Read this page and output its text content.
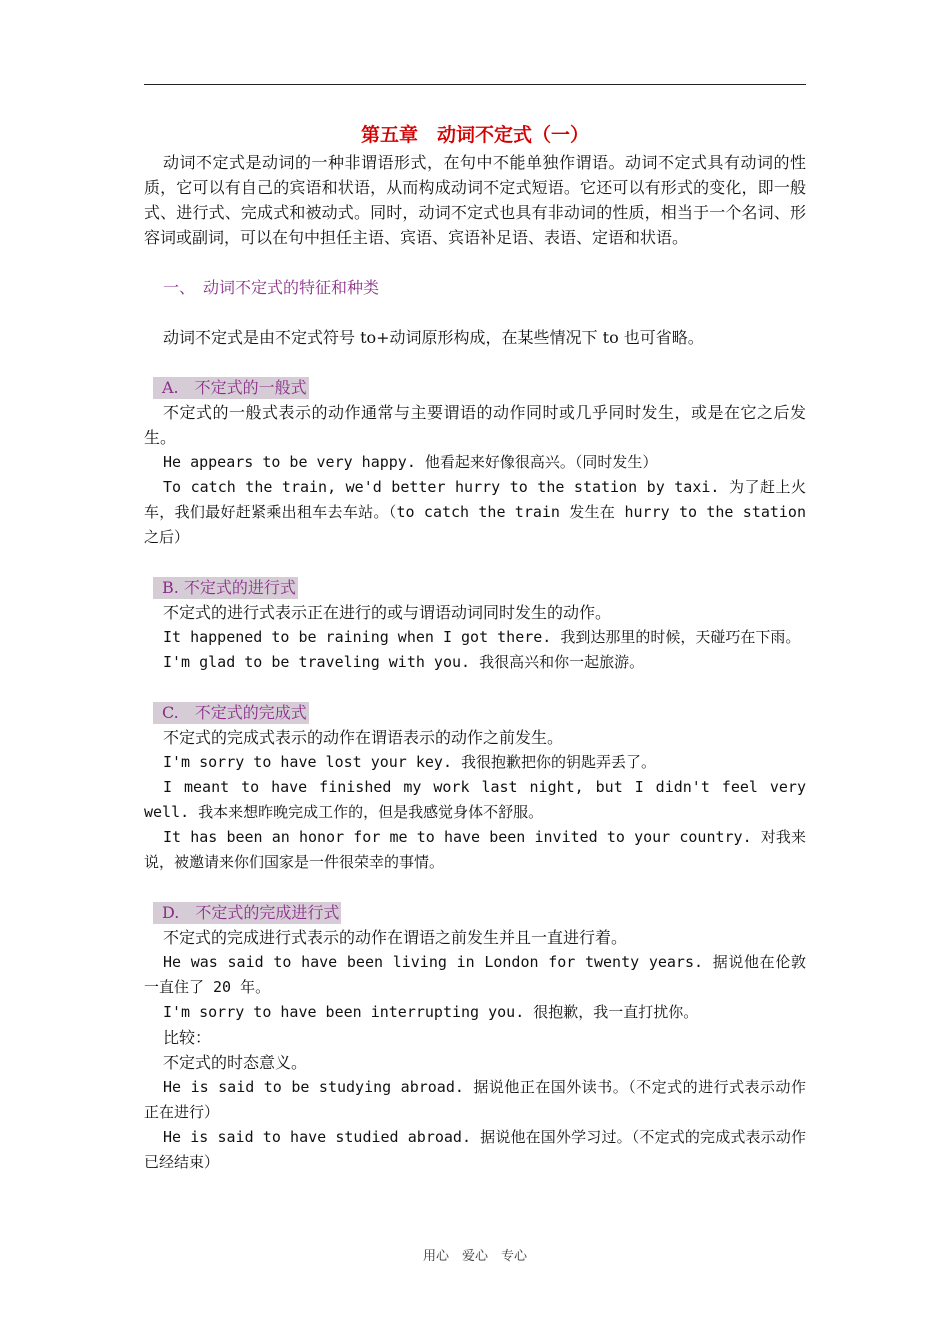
第五章　动词不定式（一）

动词不定式是动词的一种非谓语形式，在句中不能单独作谓语。动词不定式具有动词的性质，它可以有自己的宾语和状语，从而构成动词不定式短语。它还可以有形式的变化，即一般式、进行式、完成式和被动式。同时，动词不定式也具有非动词的性质，相当于一个名词、形容词或副词，可以在句中担任主语、宾语、宾语补足语、表语、定语和状语。

一、　动词不定式的特征和种类

动词不定式是由不定式符号 to+动词原形构成，在某些情况下 to 也可省略。

A.　不定式的一般式

不定式的一般式表示的动作通常与主要谓语的动作同时或几乎同时发生，或是在它之后发生。

He appears to be very happy. 他看起来好像很高兴。（同时发生）

To catch the train, we'd better hurry to the station by taxi. 为了赶上火车，我们最好赶紧乘出租车去车站。（to catch the train 发生在 hurry to the station 之后）

B. 不定式的进行式

不定式的进行式表示正在进行的或与谓语动词同时发生的动作。

It happened to be raining when I got there. 我到达那里的时候，天碰巧在下雨。

I'm glad to be traveling with you. 我很高兴和你一起旅游。

C.　不定式的完成式

不定式的完成式表示的动作在谓语表示的动作之前发生。

I'm sorry to have lost your key. 我很抱歉把你的钥匙弄丢了。

I meant to have finished my work last night, but I didn't feel very well. 我本来想昨晚完成工作的，但是我感觉身体不舒服。

It has been an honor for me to have been invited to your country. 对我来说，被邀请来你们国家是一件很荣幸的事情。

D.　不定式的完成进行式

不定式的完成进行式表示的动作在谓语之前发生并且一直进行着。

He was said to have been living in London for twenty years. 据说他在伦敦一直住了 20 年。

I'm sorry to have been interrupting you. 很抱歉，我一直打扰你。

比较：

不定式的时态意义。

He is said to be studying abroad. 据说他正在国外读书。（不定式的进行式表示动作正在进行）

He is said to have studied abroad. 据说他在国外学习过。（不定式的完成式表示动作已经结束）

用心　爱心　专心
